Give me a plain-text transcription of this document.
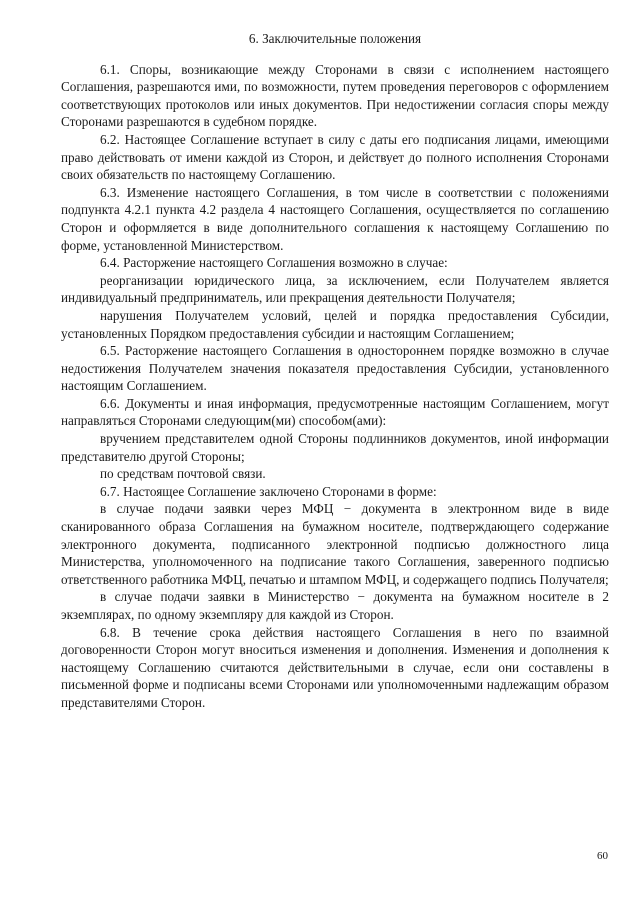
6. Заключительные положения

6.1. Споры, возникающие между Сторонами в связи с исполнением настоящего Соглашения, разрешаются ими, по возможности, путем проведения переговоров с оформлением соответствующих протоколов или иных документов. При недостижении согласия споры между Сторонами разрешаются в судебном порядке.

6.2. Настоящее Соглашение вступает в силу с даты его подписания лицами, имеющими право действовать от имени каждой из Сторон, и действует до полного исполнения Сторонами своих обязательств по настоящему Соглашению.

6.3. Изменение настоящего Соглашения, в том числе в соответствии с положениями подпункта 4.2.1 пункта 4.2 раздела 4 настоящего Соглашения, осуществляется по соглашению Сторон и оформляется в виде дополнительного соглашения к настоящему Соглашению по форме, установленной Министерством.

6.4. Расторжение настоящего Соглашения возможно в случае:

реорганизации юридического лица, за исключением, если Получателем является индивидуальный предприниматель, или прекращения деятельности Получателя;

нарушения Получателем условий, целей и порядка предоставления Субсидии, установленных Порядком предоставления субсидии и настоящим Соглашением;

6.5. Расторжение настоящего Соглашения в одностороннем порядке возможно в случае недостижения Получателем значения показателя предоставления Субсидии, установленного настоящим Соглашением.

6.6. Документы и иная информация, предусмотренные настоящим Соглашением, могут направляться Сторонами следующим(ми) способом(ами):

вручением представителем одной Стороны подлинников документов, иной информации представителю другой Стороны;

по средствам почтовой связи.

6.7. Настоящее Соглашение заключено Сторонами в форме:

в случае подачи заявки через МФЦ − документа в электронном виде в виде сканированного образа Соглашения на бумажном носителе, подтверждающего содержание электронного документа, подписанного электронной подписью должностного лица Министерства, уполномоченного на подписание такого Соглашения, заверенного подписью ответственного работника МФЦ, печатью и штампом МФЦ, и содержащего подпись Получателя;

в случае подачи заявки в Министерство − документа на бумажном носителе в 2 экземплярах, по одному экземпляру для каждой из Сторон.

6.8. В течение срока действия настоящего Соглашения в него по взаимной договоренности Сторон могут вноситься изменения и дополнения. Изменения и дополнения к настоящему Соглашению считаются действительными в случае, если они составлены в письменной форме и подписаны всеми Сторонами или уполномоченными надлежащим образом представителями Сторон.

60
